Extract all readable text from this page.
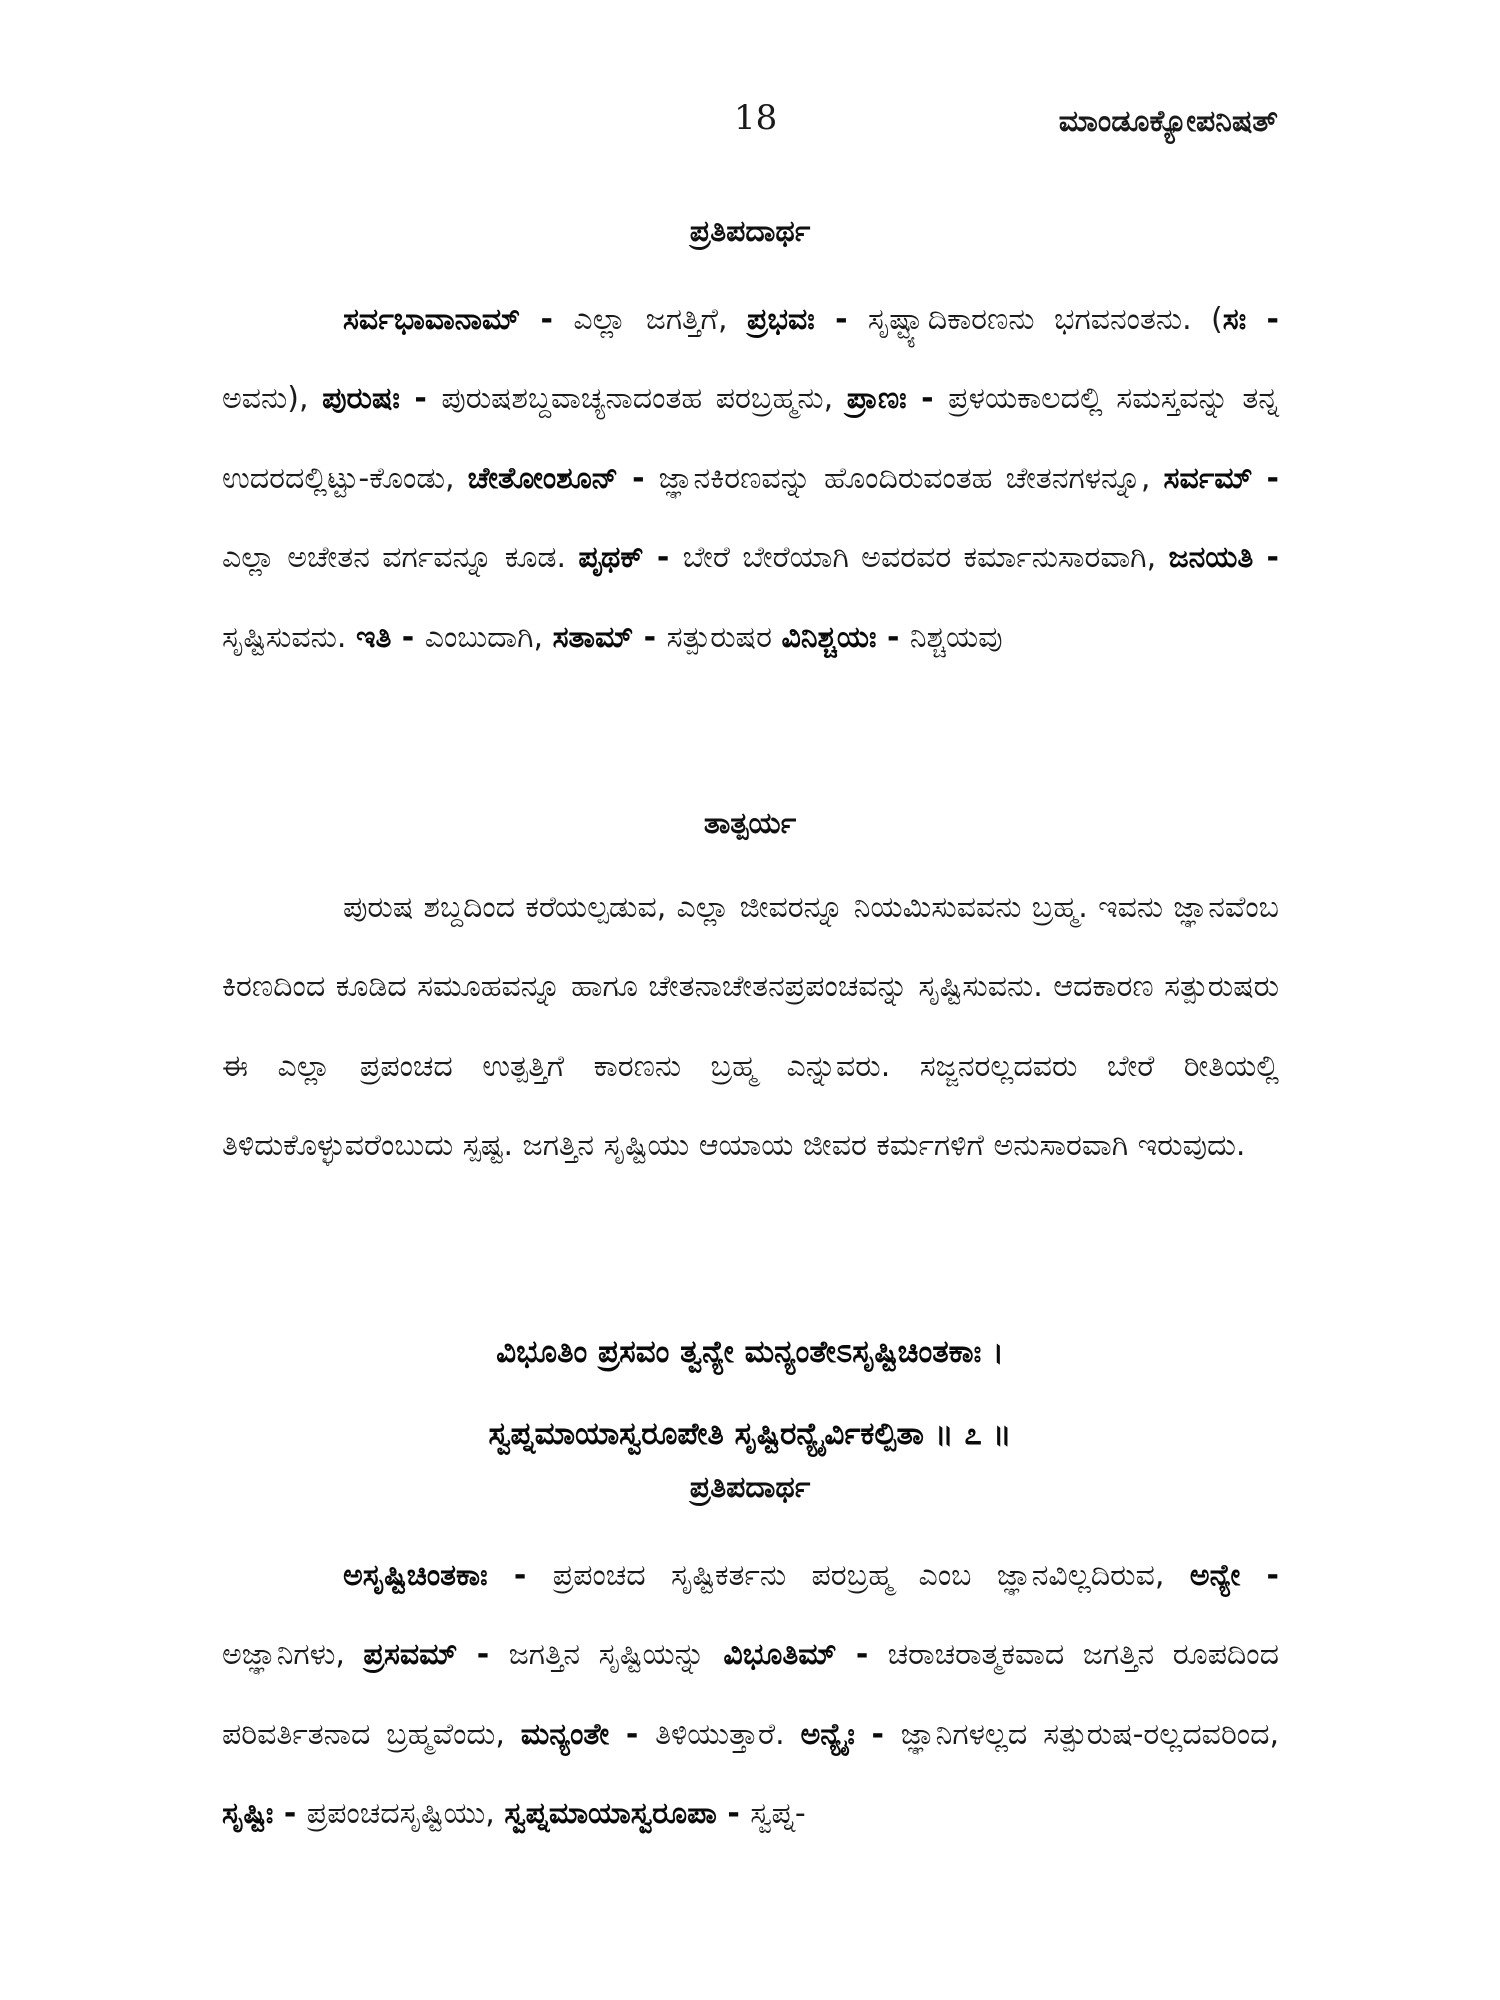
18	ಮಾಂಡೂಕ್ಯೋಪನಿಷತ್
ಪ್ರತಿಪದಾರ್ಥ
ಸರ್ವಭಾವಾನಾಮ್ - ಎಲ್ಲಾ ಜಗತ್ತಿಗೆ, ಪ್ರಭವಃ - ಸೃಷ್ಟ್ಯಾದಿಕಾರಣನು ಭಗವನಂತನು. (ಸಃ - ಅವನು), ಪುರುಷಃ - ಪುರುಷಶಬ್ದವಾಚ್ಯನಾದಂತಹ ಪರಬ್ರಹ್ಮನು, ಪ್ರಾಣಃ - ಪ್ರಳಯಕಾಲದಲ್ಲಿ ಸಮಸ್ತವನ್ನು ತನ್ನ ಉದರದಲ್ಲಿಟ್ಟು-ಕೊಂಡು, ಚೇತೋಂಶೂನ್ - ಜ್ಞಾನಕಿರಣವನ್ನು ಹೊಂದಿರುವಂತಹ ಚೇತನಗಳನ್ನೂ, ಸರ್ವಮ್ - ಎಲ್ಲಾ ಅಚೇತನ ವರ್ಗವನ್ನೂ ಕೂಡ. ಪೃಥಕ್ - ಬೇರೆ ಬೇರೆಯಾಗಿ ಅವರವರ ಕರ್ಮಾನುಸಾರವಾಗಿ, ಜನಯತಿ - ಸೃಷ್ಟಿಸುವನು. ಇತಿ - ಎಂಬುದಾಗಿ, ಸತಾಮ್ - ಸತ್ಪುರುಷರ ವಿನಿಶ್ಚಯಃ - ನಿಶ್ಚಯವು
ತಾತ್ಪರ್ಯ
ಪುರುಷ ಶಬ್ದದಿಂದ ಕರೆಯಲ್ಪಡುವ, ಎಲ್ಲಾ ಜೀವರನ್ನೂ ನಿಯಮಿಸುವವನು ಬ್ರಹ್ಮ. ಇವನು ಜ್ಞಾನವೆಂಬ ಕಿರಣದಿಂದ ಕೂಡಿದ ಸಮೂಹವನ್ನೂ ಹಾಗೂ ಚೇತನಾಚೇತನಪ್ರಪಂಚವನ್ನು ಸೃಷ್ಟಿಸುವನು. ಆದಕಾರಣ ಸತ್ಪುರುಷರು ಈ ಎಲ್ಲಾ ಪ್ರಪಂಚದ ಉತ್ಪತ್ತಿಗೆ ಕಾರಣನು ಬ್ರಹ್ಮ ಎನ್ನುವರು. ಸಜ್ಜನರಲ್ಲದವರು ಬೇರೆ ರೀತಿಯಲ್ಲಿ ತಿಳಿದುಕೊಳ್ಳುವರೆಂಬುದು ಸ್ಪಷ್ಟ. ಜಗತ್ತಿನ ಸೃಷ್ಟಿಯು ಆಯಾಯ ಜೀವರ ಕರ್ಮಗಳಿಗೆ ಅನುಸಾರವಾಗಿ ಇರುವುದು.
ವಿಭೂತಿಂ ಪ್ರಸವಂ ತ್ವನ್ಯೇ ಮನ್ಯಂತೇಽಸೃಷ್ಟಿಚಿಂತಕಾಃ ।
ಸ್ವಪ್ನಮಾಯಾಸ್ವರೂಪೇತಿ ಸೃಷ್ಟಿರನ್ಯೈರ್ವಿಕಲ್ಪಿತಾ ॥ ೭ ॥
ಪ್ರತಿಪದಾರ್ಥ
ಅಸೃಷ್ಟಿಚಿಂತಕಾಃ - ಪ್ರಪಂಚದ ಸೃಷ್ಟಿಕರ್ತನು ಪರಬ್ರಹ್ಮ ಎಂಬ ಜ್ಞಾನವಿಲ್ಲದಿರುವ, ಅನ್ಯೇ - ಅಜ್ಞಾನಿಗಳು, ಪ್ರಸವಮ್ - ಜಗತ್ತಿನ ಸೃಷ್ಟಿಯನ್ನು ವಿಭೂತಿಮ್ - ಚರಾಚರಾತ್ಮಕವಾದ ಜಗತ್ತಿನ ರೂಪದಿಂದ ಪರಿವರ್ತಿತನಾದ ಬ್ರಹ್ಮವೆಂದು, ಮನ್ಯಂತೇ - ತಿಳಿಯುತ್ತಾರೆ. ಅನ್ಯೈಃ - ಜ್ಞಾನಿಗಳಲ್ಲದ ಸತ್ಪುರುಷ-ರಲ್ಲದವರಿಂದ, ಸೃಷ್ಟಿಃ - ಪ್ರಪಂಚದಸೃಷ್ಟಿಯು, ಸ್ವಪ್ನಮಾಯಾಸ್ವರೂಪಾ - ಸ್ವಪ್ನ-
